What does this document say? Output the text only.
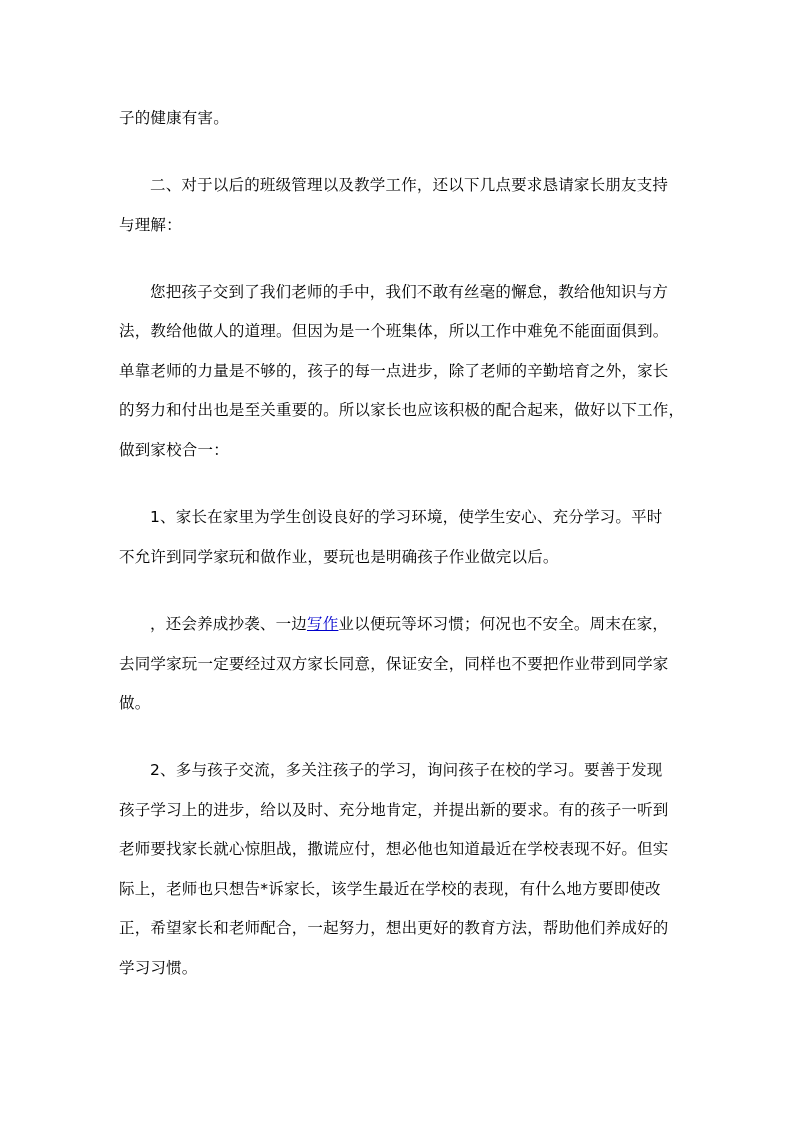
子的健康有害。
二、对于以后的班级管理以及教学工作，还以下几点要求恳请家长朋友支持
与理解：
您把孩子交到了我们老师的手中，我们不敢有丝毫的懈怠，教给他知识与方
法，教给他做人的道理。但因为是一个班集体，所以工作中难免不能面面俱到。
单靠老师的力量是不够的，孩子的每一点进步，除了老师的辛勤培育之外，家长
的努力和付出也是至关重要的。所以家长也应该积极的配合起来，做好以下工作，
做到家校合一：
1、家长在家里为学生创设良好的学习环境，使学生安心、充分学习。平时
不允许到同学家玩和做作业，要玩也是明确孩子作业做完以后。
，还会养成抄袭、一边写作业以便玩等坏习惯；何况也不安全。周末在家，
去同学家玩一定要经过双方家长同意，保证安全，同样也不要把作业带到同学家
做。
2、多与孩子交流，多关注孩子的学习，询问孩子在校的学习。要善于发现
孩子学习上的进步，给以及时、充分地肯定，并提出新的要求。有的孩子一听到
老师要找家长就心惊胆战，撒谎应付，想必他也知道最近在学校表现不好。但实
际上，老师也只想告*诉家长，该学生最近在学校的表现，有什么地方要即使改
正，希望家长和老师配合，一起努力，想出更好的教育方法，帮助他们养成好的
学习习惯。
